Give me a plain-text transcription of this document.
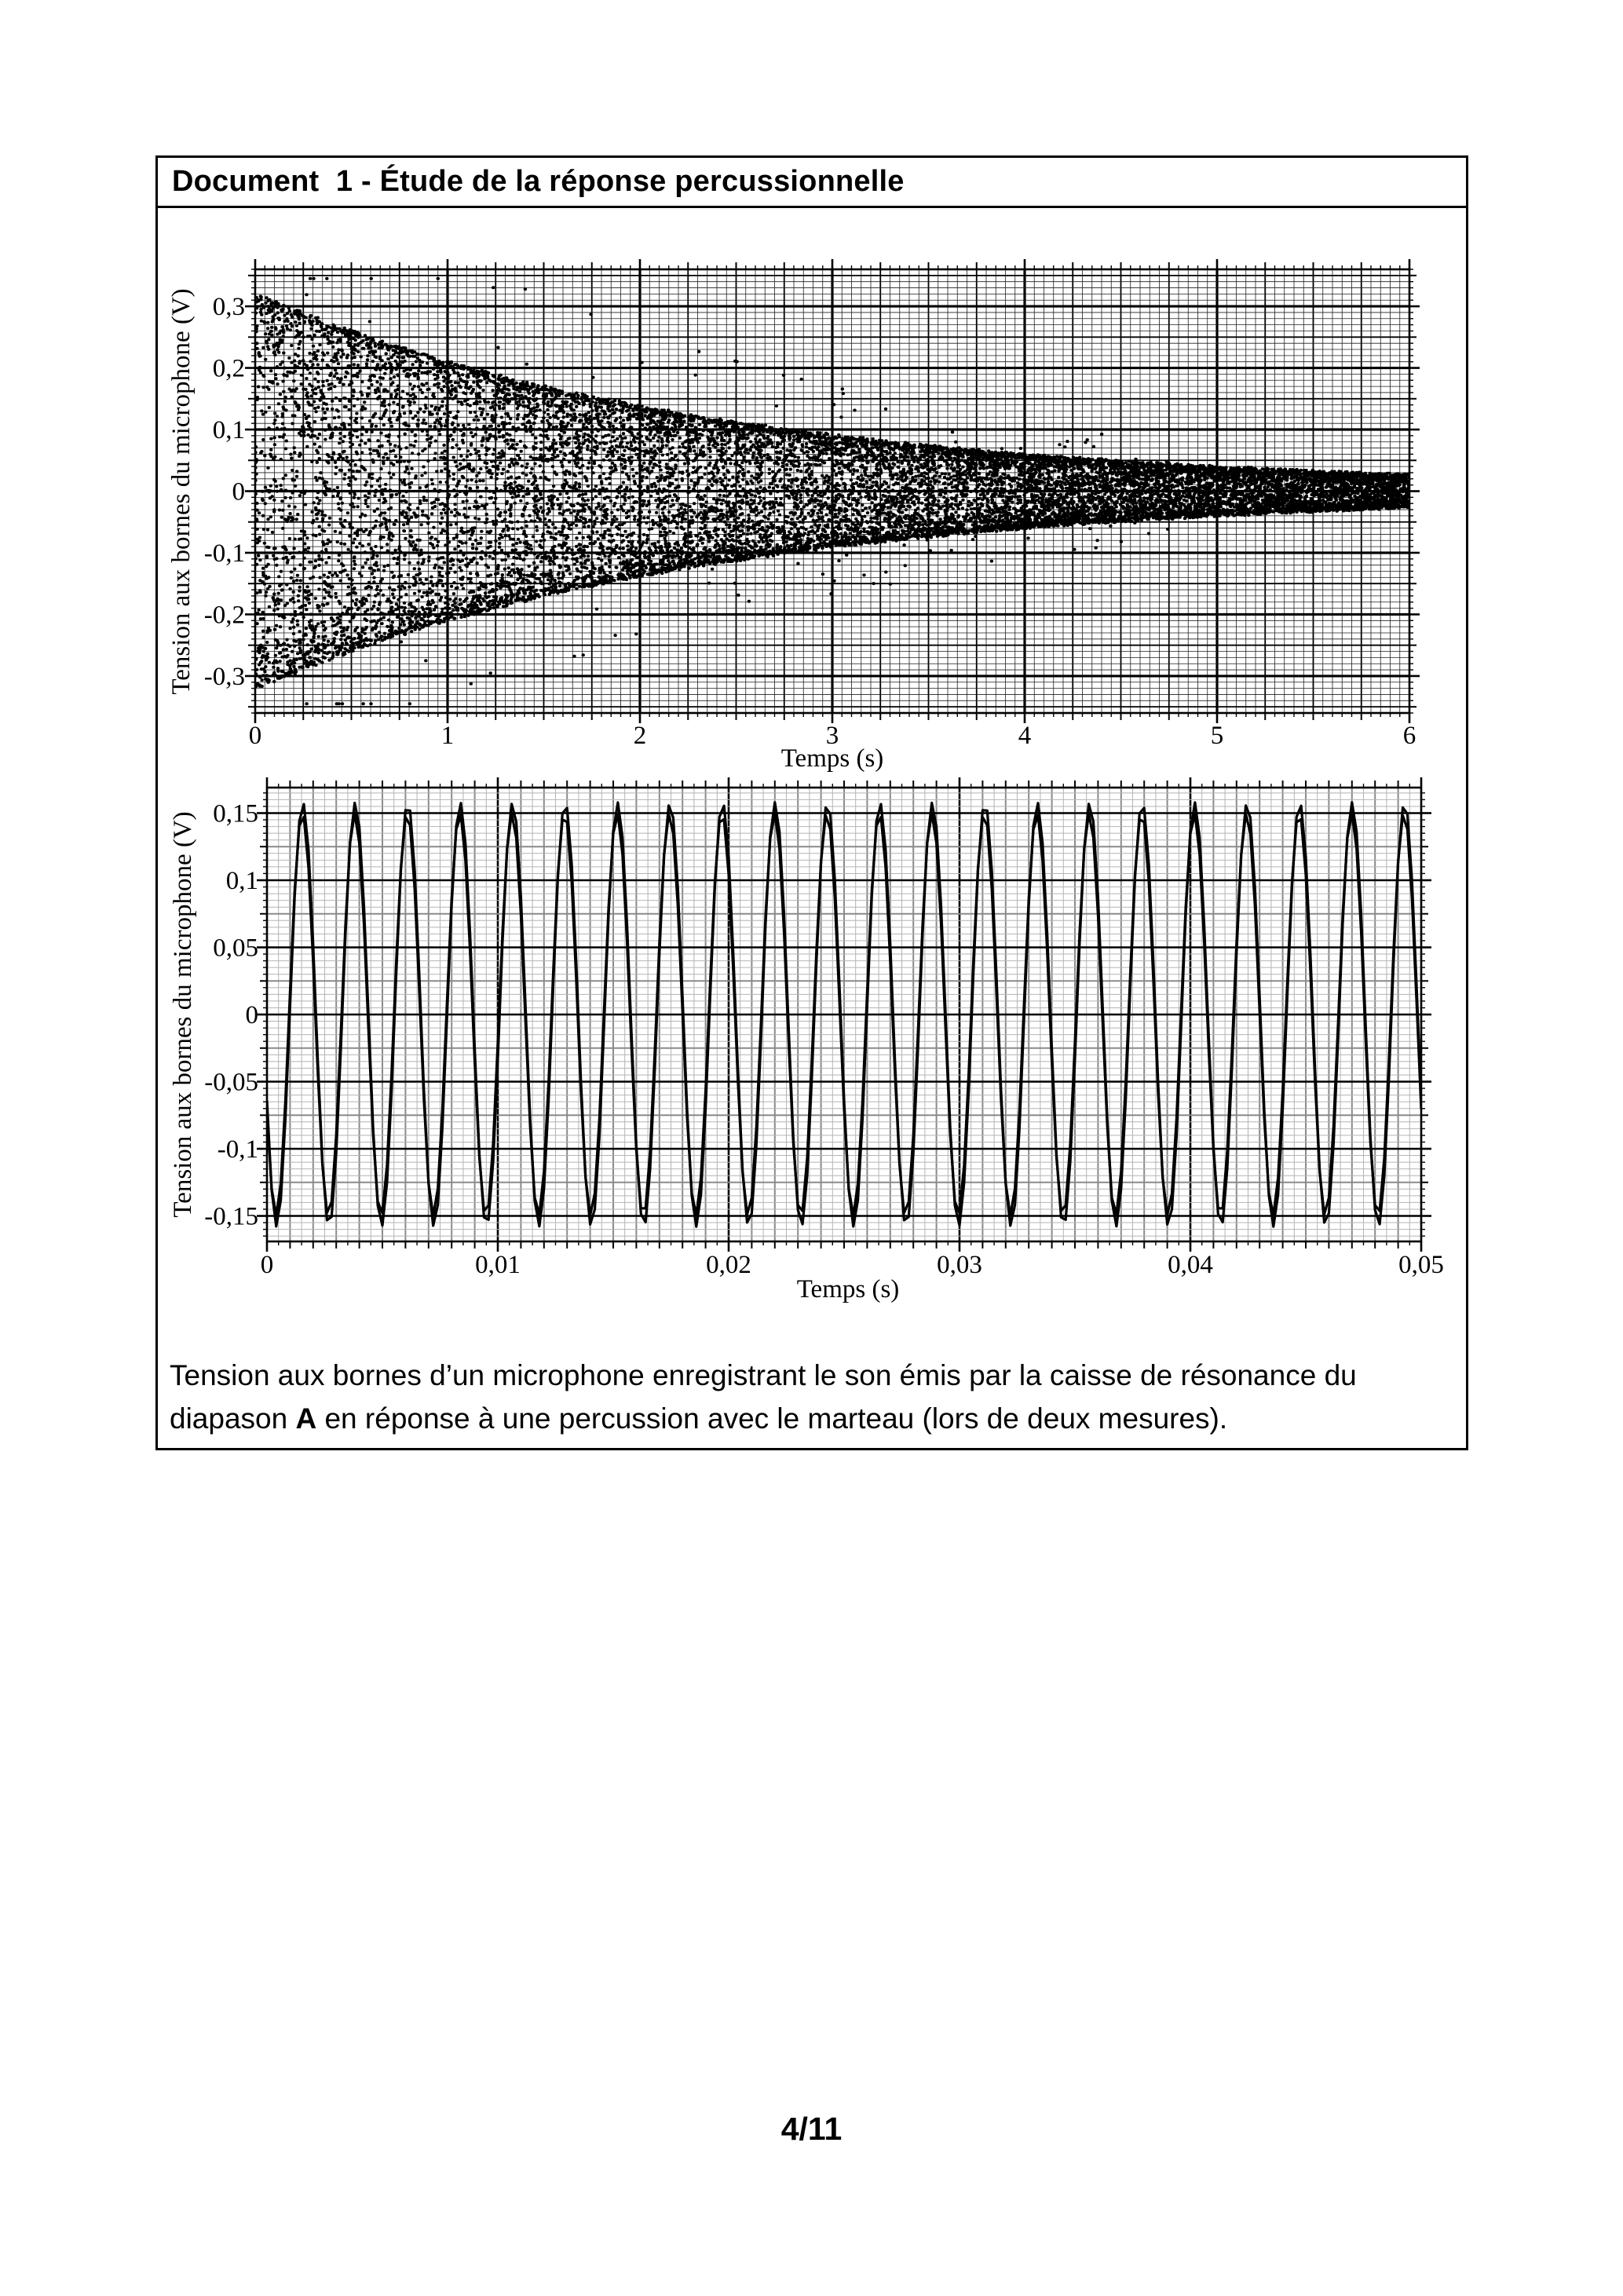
Document  1 - Étude de la réponse percussionnelle
0	1	2	3	4	5	6
0,3
0,2
0,1
0
-0,1
-0,2
-0,3
Temps (s)
Tension aux bornes du microphone (V)
0	0,01	0,02	0,03	0,04	0,05
0,15
0,1
0,05
0
-0,05
-0,1
-0,15
Temps (s)
Tension aux bornes du microphone (V)
Tension aux bornes d’un microphone enregistrant le son émis par la caisse de résonance du
diapason A en réponse à une percussion avec le marteau (lors de deux mesures).
4/11
